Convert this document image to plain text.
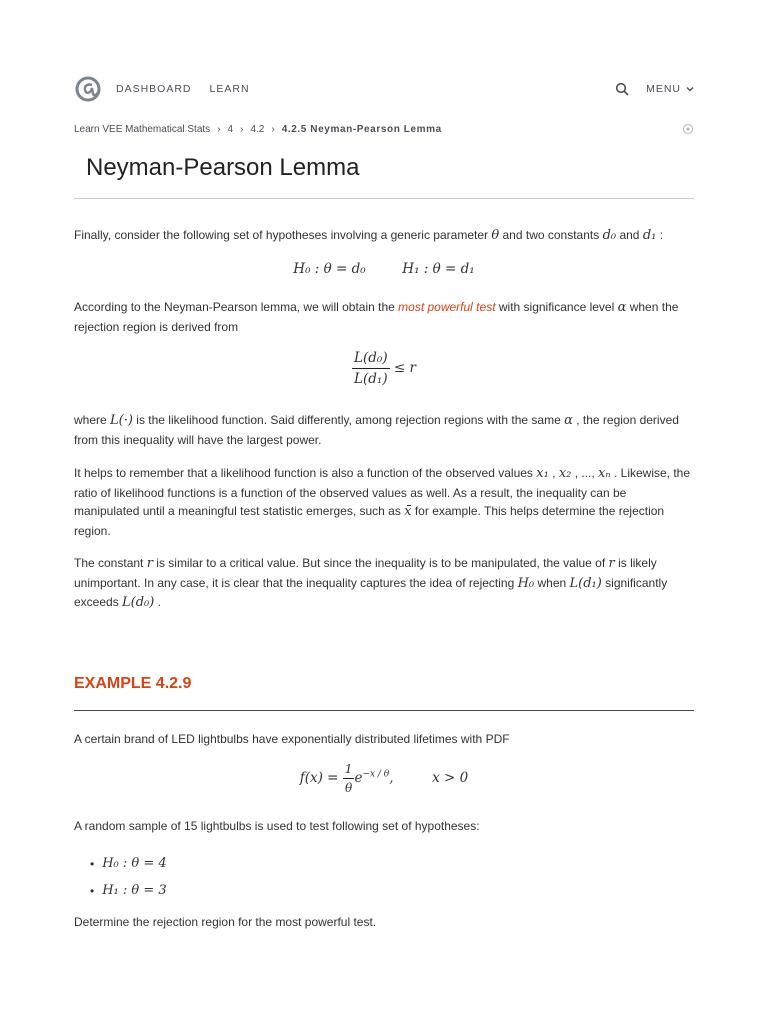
DASHBOARD LEARN	MENU
Learn VEE Mathematical Stats › 4 › 4.2 › 4.2.5 Neyman-Pearson Lemma
Neyman-Pearson Lemma

Finally, consider the following set of hypotheses involving a generic parameter θ and two constants d₀ and d₁ :

H₀ : θ = d₀	H₁ : θ = d₁

According to the Neyman-Pearson lemma, we will obtain the most powerful test with significance level α when the rejection region is derived from

$\frac{\text{L(d₀)}}{\text{L(d₁)}} \le r$

where L(·) is the likelihood function. Said differently, among rejection regions with the same α , the region derived from this inequality will have the largest power.

It helps to remember that a likelihood function is also a function of the observed values x₁ , x₂ , ..., xₙ . Likewise, the ratio of likelihood functions is a function of the observed values as well. As a result, the inequality can be manipulated until a meaningful test statistic emerges, such as x̄ for example. This helps determine the rejection region.

The constant r is similar to a critical value. But since the inequality is to be manipulated, the value of r is likely unimportant. In any case, it is clear that the inequality captures the idea of rejecting H₀ when L(d₁) significantly exceeds L(d₀) .

EXAMPLE 4.2.9

A certain brand of LED lightbulbs have exponentially distributed lifetimes with PDF

$f(x) = \frac{1}{\theta} e^{-x / \theta}$,	x > 0

A random sample of 15 lightbulbs is used to test following set of hypotheses:

• H₀ : θ = 4
• H₁ : θ = 3

Determine the rejection region for the most powerful test.
